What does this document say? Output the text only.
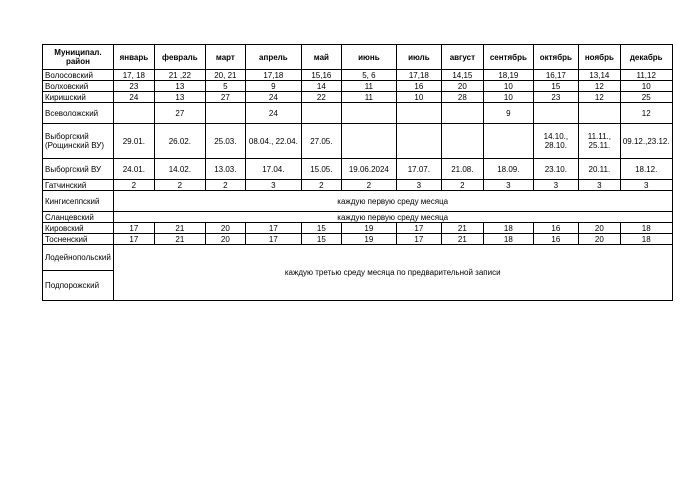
Муниципал. район	январь	февраль	март	апрель	май	июнь	июль	август	сентябрь	октябрь	ноябрь	декабрь
Волосовский	17, 18	21 ,22	20, 21	17,18	15,16	5, 6	17,18	14,15	18,19	16,17	13,14	11,12
Волховский	23	13	5	9	14	11	16	20	10	15	12	10
Киришский	24	13	27	24	22	11	10	28	10	23	12	25
Всеволожский		27		24					9			12
Выборгский (Рощинский ВУ)	29.01.	26.02.	25.03.	08.04., 22.04.	27.05.					14.10., 28.10.	11.11., 25.11.	09.12.,23.12.
Выборгский ВУ	24.01.	14.02.	13.03.	17.04.	15.05.	19.06.2024	17.07.	21.08.	18.09.	23.10.	20.11.	18.12.
Гатчинский	2	2	2	3	2	2	3	2	3	3	3	3
Кингисеппский	каждую первую среду месяца											
Сланцевский	каждую первую среду месяца											
Кировский	17	21	20	17	15	19	17	21	18	16	20	18
Тосненский	17	21	20	17	15	19	17	21	18	16	20	18
Лодейнопольский	каждую третью среду месяца по предварительной записи											
Подпорожский												
